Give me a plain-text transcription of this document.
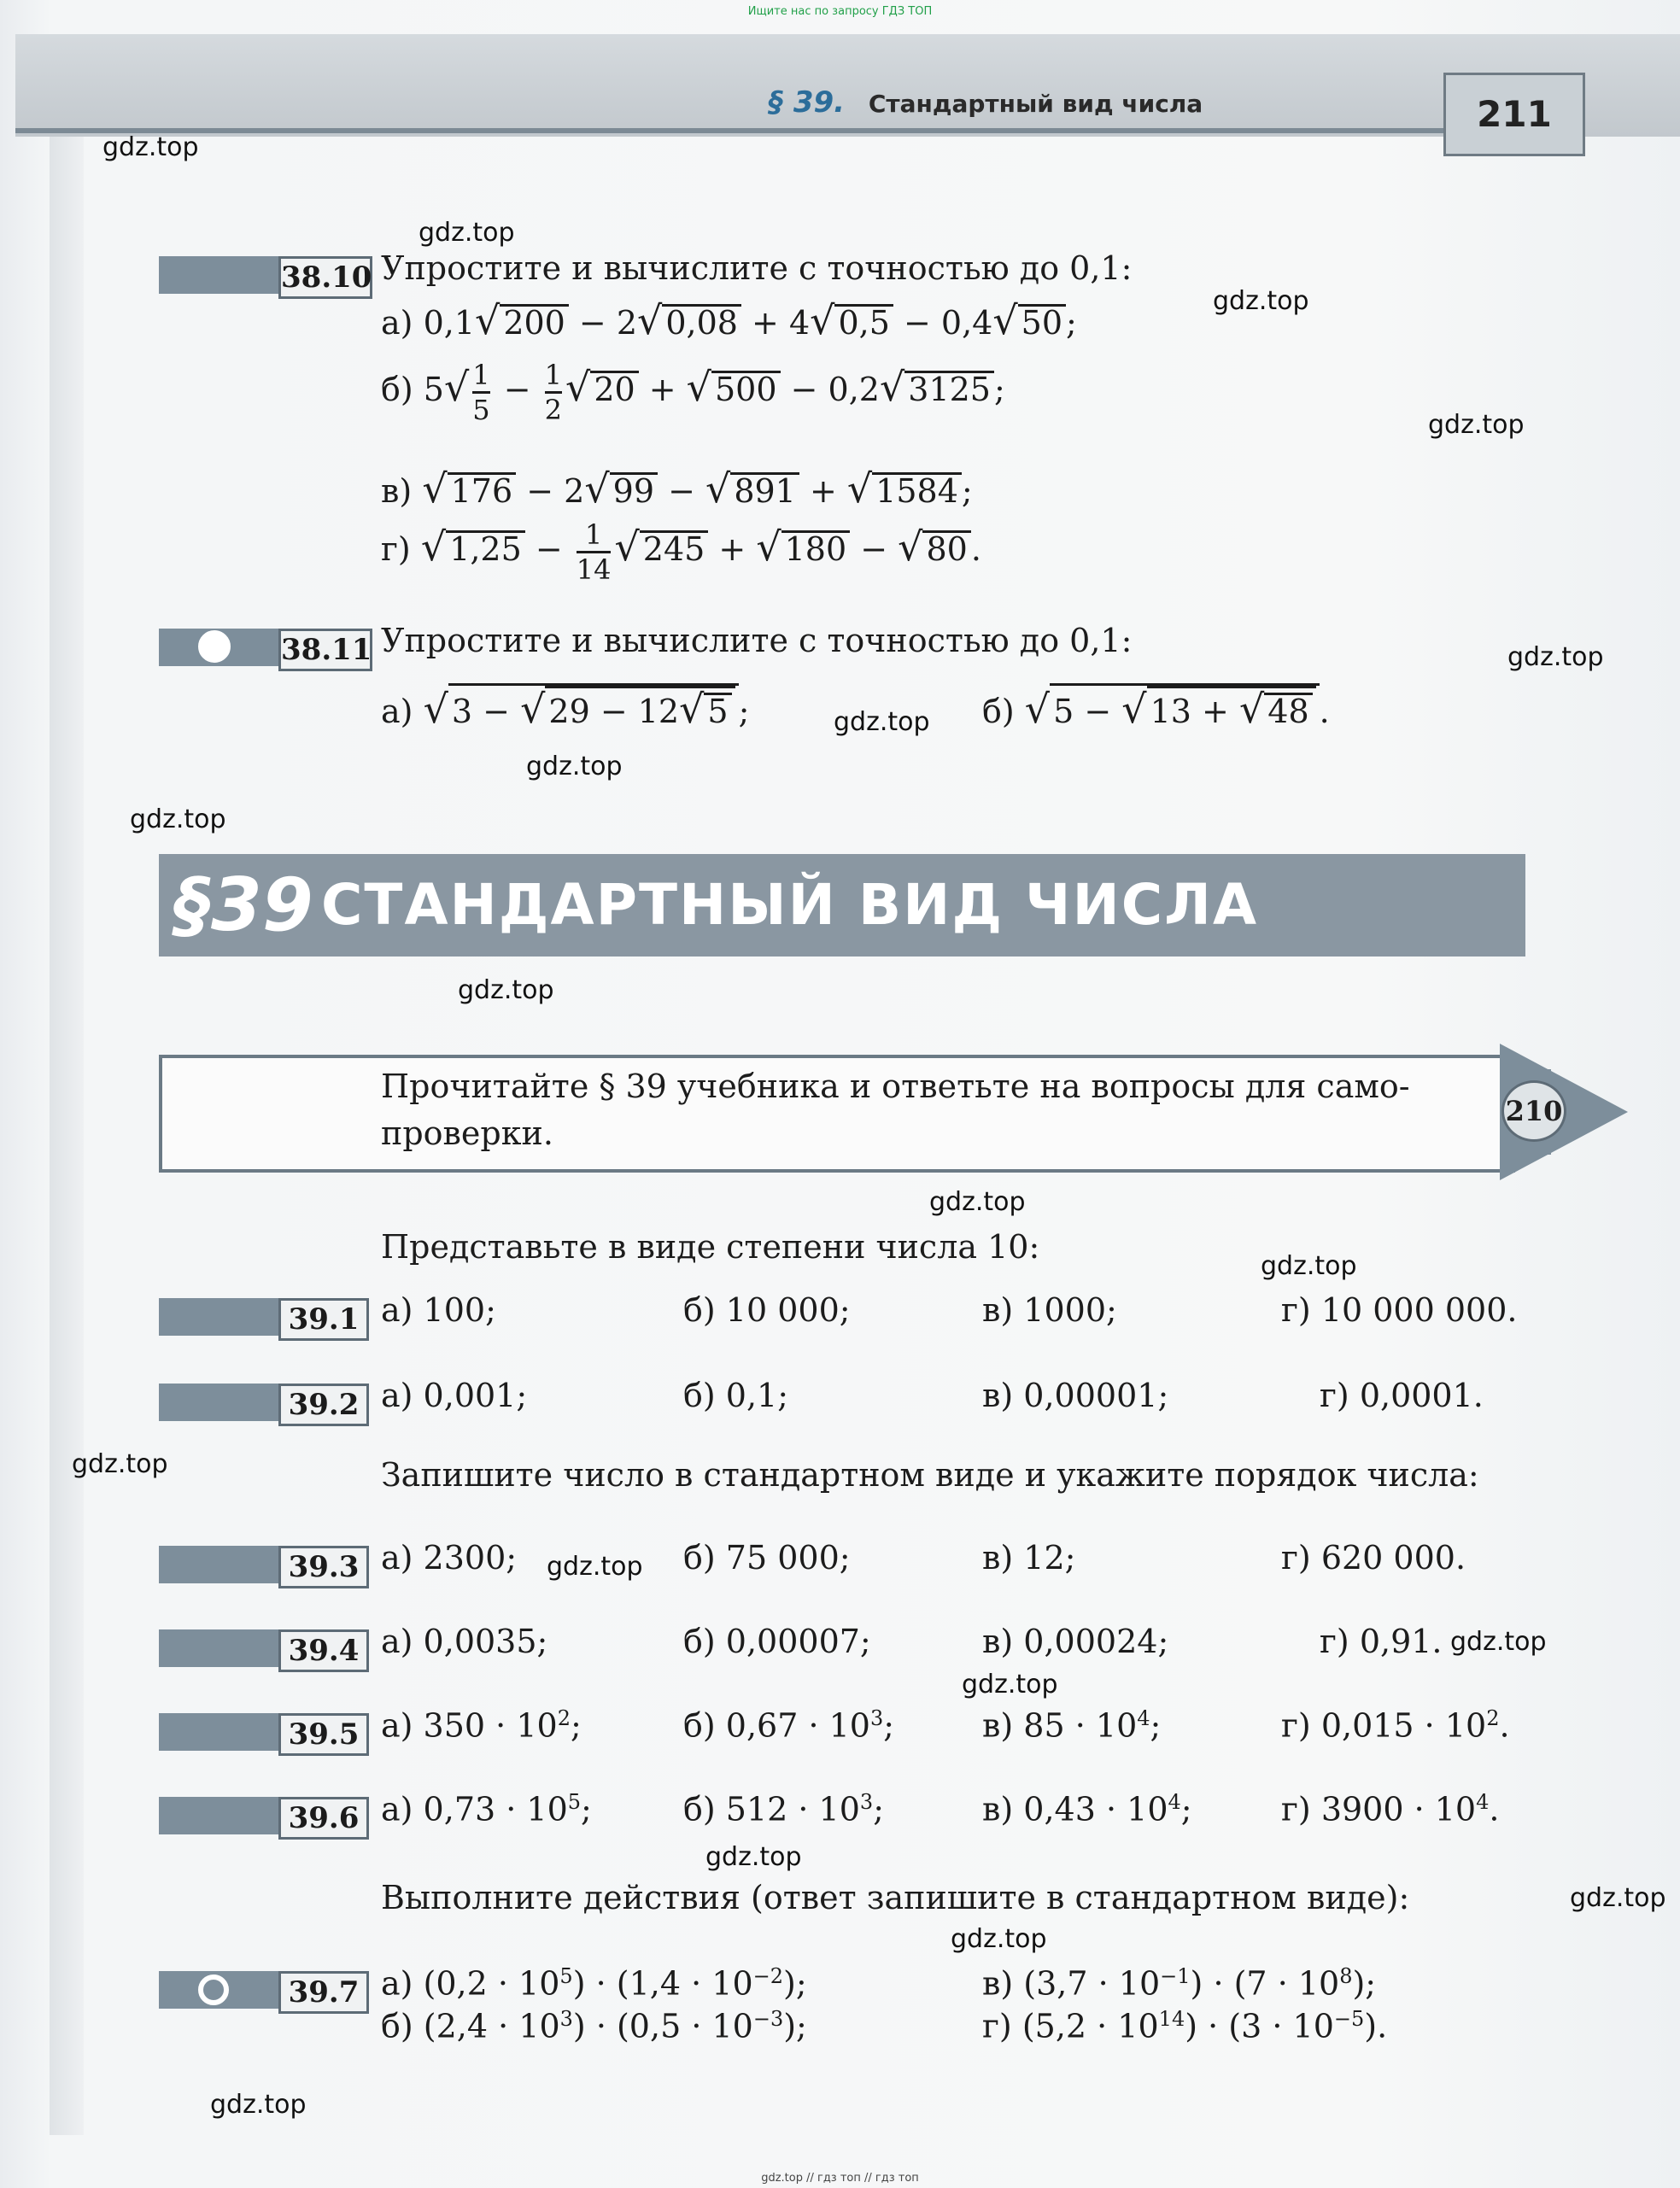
Ищите нас по запросу ГДЗ ТОП
§ 39. Стандартный вид числа	211
gdz.top
gdz.top
gdz.top
gdz.top
gdz.top
gdz.top
gdz.top
gdz.top
gdz.top
gdz.top
gdz.top
gdz.top
gdz.top
gdz.top
gdz.top
gdz.top
gdz.top
gdz.top
gdz.top
38.10 Упростите и вычислите с точностью до 0,1:
а) 0,1√ 200 − 2√ 0,08 + 4√ 0,5 − 0,4√ 50 ;
б) $5√ \frac{1}{5} - \frac{1}{2}$ √ 20 + √ 500 − 0,2√ 3125 ;
в) √ 176 − 2√ 99 − √ 891 + √ 1584 ;
г) √ $1,25 - \frac{1}{14}$ √ 245 + √ 180 − √ 80 .
38.11 Упростите и вычислите с точностью до 0,1:
а) √ 3 − √ 29 − 12√ 5 ;	б) √ 5 − √ 13 + √ 48 .
§39 СТАНДАРТНЫЙ ВИД ЧИСЛА
Прочитайте § 39 учебника и ответьте на вопросы для само-
проверки.
210
Представьте в виде степени числа 10:
39.1 а) 100;	б) 10 000;	в) 1000;	г) 10 000 000.
39.2 а) 0,001;	б) 0,1;	в) 0,00001;	г) 0,0001.
Запишите число в стандартном виде и укажите порядок числа:
39.3 а) 2300;	б) 75 000;	в) 12;	г) 620 000.
39.4 а) 0,0035;	б) 0,00007;	в) 0,00024;	г) 0,91.
39.5 а) $350 \cdot 10^2$;	б) $0,67 \cdot 10^3$;	в) $85 \cdot 10^4$;	г) $0,015 \cdot 10^2$.
39.6 а) $0,73 \cdot 10^5$;	б) $512 \cdot 10^3$;	в) $0,43 \cdot 10^4$;	г) $3900 \cdot 10^4$.
Выполните действия (ответ запишите в стандартном виде):
39.7 а) $(0,2 \cdot 10^5) \cdot (1,4 \cdot 10^{-2})$;	в) $(3,7 \cdot 10^{-1}) \cdot (7 \cdot 10^8)$;
б) $(2,4 \cdot 10^3) \cdot (0,5 \cdot 10^{-3})$;	г) $(5,2 \cdot 10^{14}) \cdot (3 \cdot 10^{-5})$.
gdz.top // гдз топ // гдз топ
